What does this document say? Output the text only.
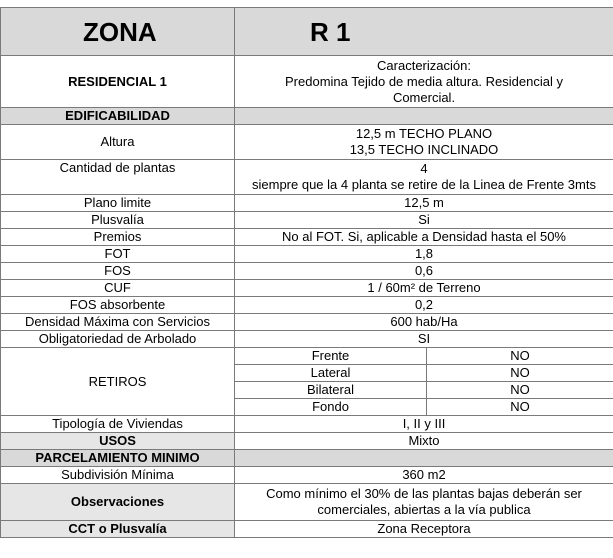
ZONA	R 1	
RESIDENCIAL 1	Caracterización:
Predomina Tejido de media altura. Residencial y
Comercial.	

EDIFICABILIDAD		
Altura	12,5 m TECHO PLANO
13,5 TECHO INCLINADO	

Cantidad de plantas	4
siempre que la 4 planta se retire de la Linea de Frente 3mts	

Plano limite	12,5 m	
Plusvalía	Si	
Premios	No al FOT. Si, aplicable a Densidad hasta el 50%	
FOT	1,8	
FOS	0,6	
CUF	1 / 60m² de Terreno	
FOS absorbente	0,2	
Densidad Máxima con Servicios	600 hab/Ha	
Obligatoriedad de Arbolado	SI	
RETIROS	Frente	NO
	Lateral	NO
	Bilateral	NO
	Fondo	NO
Tipología de Viviendas	I, II y III	
USOS	Mixto	
PARCELAMIENTO MINIMO		
Subdivisión Mínima	360 m2	
Observaciones	Como mínimo el 30% de las plantas bajas deberán ser
comerciales, abiertas a la vía publica	

CCT o Plusvalía	Zona Receptora	
